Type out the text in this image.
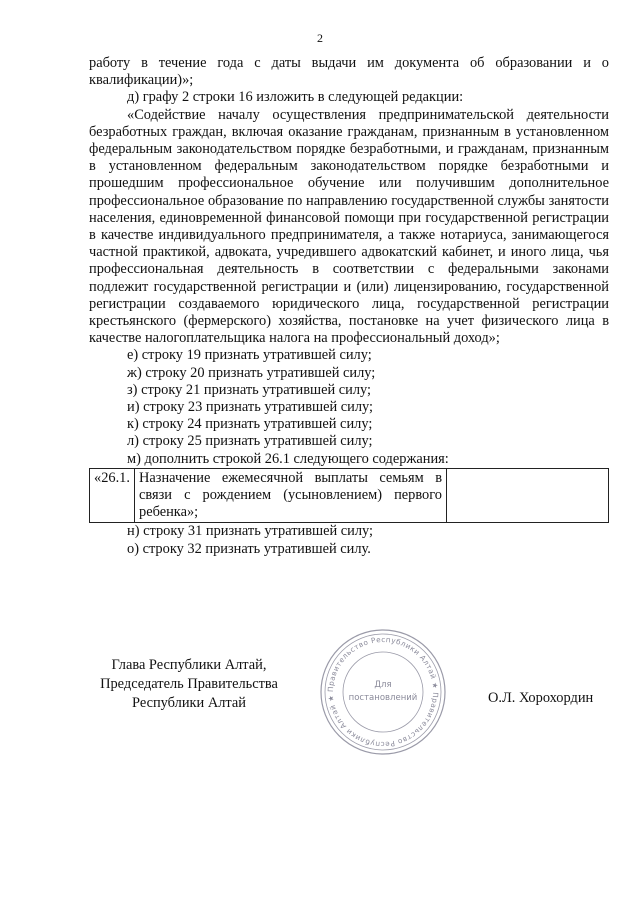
2

работу в течение года с даты выдачи им документа об образовании и о квалификации)»;

д) графу 2 строки 16 изложить в следующей редакции:

«Содействие началу осуществления предпринимательской деятельности безработных граждан, включая оказание гражданам, признанным в установленном федеральным законодательством порядке безработными, и гражданам, признанным в установленном федеральным законодательством порядке безработными и прошедшим профессиональное обучение или получившим дополнительное профессиональное образование по направлению государственной службы занятости населения, единовременной финансовой помощи при государственной регистрации в качестве индивидуального предпринимателя, а также нотариуса, занимающегося частной практикой, адвоката, учредившего адвокатский кабинет, и иного лица, чья профессиональная деятельность в соответствии с федеральными законами подлежит государственной регистрации и (или) лицензированию, государственной регистрации создаваемого юридического лица, государственной регистрации крестьянского (фермерского) хозяйства, постановке на учет физического лица в качестве налогоплательщика налога на профессиональный доход»;

е) строку 19 признать утратившей силу;

ж) строку 20 признать утратившей силу;

з) строку 21 признать утратившей силу;

и) строку 23 признать утратившей силу;

к) строку 24 признать утратившей силу;

л) строку 25 признать утратившей силу;

м) дополнить строкой 26.1 следующего содержания:

«26.1.	Назначение ежемесячной выплаты семьям в связи с рождением (усыновлением) первого ребенка»;	

н) строку 31 признать утратившей силу;

о) строку 32 признать утратившей силу.

Глава Республики Алтай,
Председатель Правительства
Республики Алтай
Правительство Республики Алтай ★ Правительство Республики Алтай ★
Для
постановлений	О.Л. Хорохордин
